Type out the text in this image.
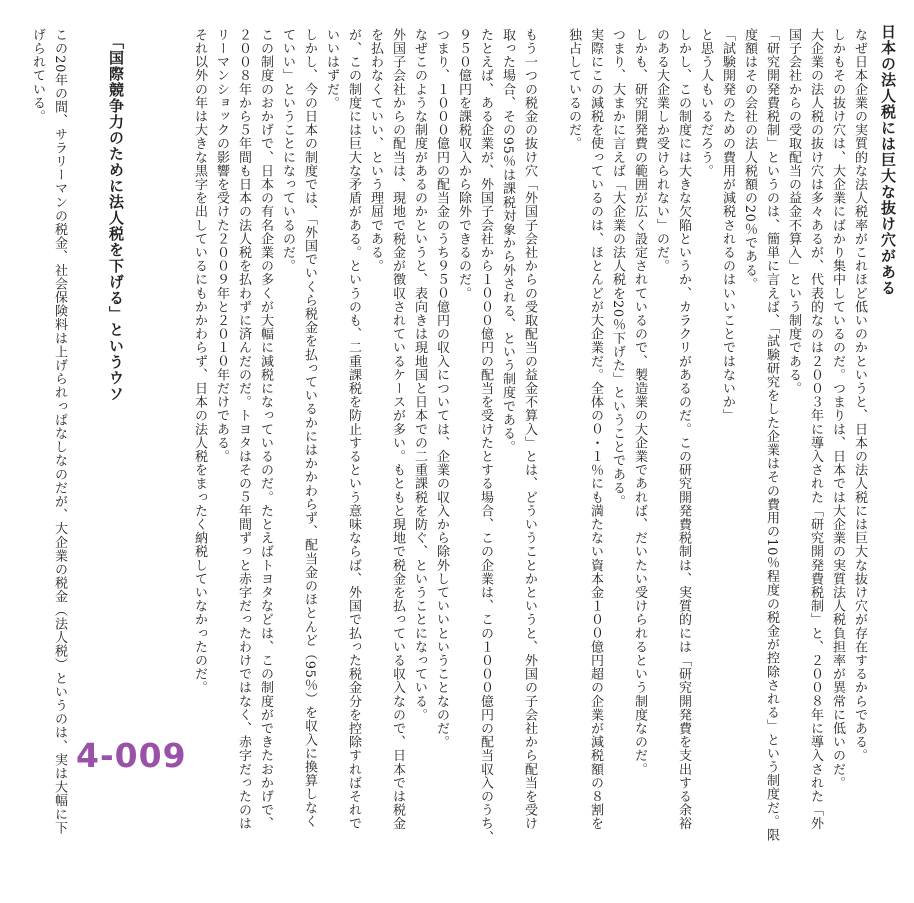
日本の法人税には巨大な抜け穴がある
「国際競争力のために法人税を下げる」というウソ	なぜ日本企業の実質的な法人税率がこれほど低いのかというと、日本の法人税には巨大な抜け穴が存在するからである。
しかもその抜け穴は、大企業にばかり集中しているのだ。つまりは、日本では大企業の実質法人税負担率が異常に低いのだ。
大企業の法人税の抜け穴は多々あるが、代表的なのは２００３年に導入された「研究開発費税制」と、２００８年に導入された「外
国子会社からの受取配当の益金不算入」という制度である。
「研究開発費税制」というのは、簡単に言えば、「試験研究をした企業はその費用の10％程度の税金が控除される」という制度だ。限
度額はその会社の法人税額の20％である。
「試験開発のための費用が減税されるのはいいことではないか」
と思う人もいるだろう。
しかし、この制度には大きな欠陥というか、カラクリがあるのだ。この研究開発費税制は、実質的には「研究開発費を支出する余裕
のある大企業しか受けられない」のだ。
しかも、研究開発費の範囲が広く設定されているので、製造業の大企業であれば、だいたい受けられるという制度なのだ。
つまり、大まかに言えば「大企業の法人税を20％下げた」ということである。
実際にこの減税を使っているのは、ほとんどが大企業だ。全体の０・１％にも満たない資本金１００億円超の企業が減税額の８割を
独占しているのだ。
もう一つの税金の抜け穴「外国子会社からの受取配当の益金不算入」とは、どういうことかというと、外国の子会社から配当を受け
取った場合、その95％は課税対象から外される、という制度である。
たとえば、ある企業が、外国子会社から１０００億円の配当を受けたとする場合、この企業は、この１０００億円の配当収入のうち、
９５０億円を課税収入から除外できるのだ。
つまり、１０００億円の配当金のうち９５０億円の収入については、企業の収入から除外していいということなのだ。
なぜこのような制度があるのかというと、表向きは現地国と日本での二重課税を防ぐ、ということになっている。
外国子会社からの配当は、現地で税金が徴収されているケースが多い。もともと現地で税金を払っている収入なので、日本では税金
を払わなくていい、という理屈である。
が、この制度には巨大な矛盾がある。というのも、二重課税を防止するという意味ならば、外国で払った税金分を控除すればそれで
いいはずだ。
しかし、今の日本の制度では、「外国でいくら税金を払っているかにはかかわらず、配当金のほとんど（95％）を収入に換算しなく
ていい」ということになっているのだ。
この制度のおかげで、日本の有名企業の多くが大幅に減税になっているのだ。たとえばトヨタなどは、この制度ができたおかげで、
２００８年から５年間も日本の法人税を払わずに済んだのだ。トヨタはその５年間ずっと赤字だったわけではなく、赤字だったのは
リーマンショックの影響を受けた２００９年と２０１０年だけである。
それ以外の年は大きな黒字を出しているにもかかわらず、日本の法人税をまったく納税していなかったのだ。
この20年の間、サラリーマンの税金、社会保険料は上げられっぱなしなのだが、大企業の税金（法人税）というのは、実は大幅に下
げられている。
4-009
